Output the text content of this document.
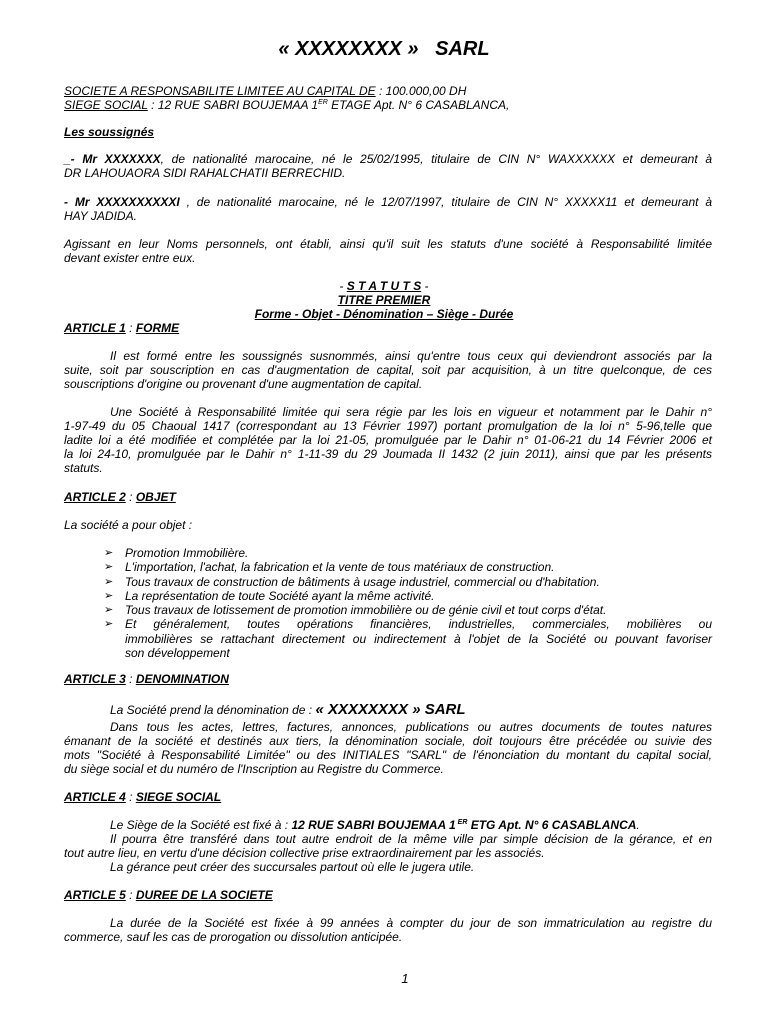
« XXXXXXXX »   SARL
SOCIETE A RESPONSABILITE LIMITEE AU CAPITAL DE : 100.000,00 DH
SIEGE SOCIAL : 12 RUE SABRI BOUJEMAA 1ER ETAGE Apt. N° 6 CASABLANCA,
Les soussignés
_- Mr XXXXXXX, de nationalité marocaine, né le 25/02/1995, titulaire de CIN N° WAXXXXXX et demeurant à
DR LAHOUAORA SIDI RAHALCHATII BERRECHID.
- Mr XXXXXXXXXXI , de nationalité marocaine, né le 12/07/1997, titulaire de CIN N° XXXXX11 et demeurant à
HAY JADIDA.
Agissant en leur Noms personnels, ont établi, ainsi qu'il suit les statuts d'une société à Responsabilité limitée
devant exister entre eux.
- S T A T U T S -
TITRE PREMIER
Forme - Objet - Dénomination – Siège - Durée
ARTICLE 1 : FORME
Il est formé entre les soussignés susnommés, ainsi qu'entre tous ceux qui deviendront associés par la
suite, soit par souscription en cas d'augmentation de capital, soit par acquisition, à un titre quelconque, de ces
souscriptions d'origine ou provenant d'une augmentation de capital.
Une Société à Responsabilité limitée qui sera régie par les lois en vigueur et notamment par le Dahir n°
1-97-49 du 05 Chaoual 1417 (correspondant au 13 Février 1997) portant promulgation de la loi n° 5-96,telle que
ladite loi a été modifiée et complétée par la loi 21-05, promulguée par le Dahir n° 01-06-21 du 14 Février 2006 et
la loi 24-10, promulguée par le Dahir n° 1-11-39 du 29 Joumada II 1432 (2 juin 2011), ainsi que par les présents
statuts.
ARTICLE 2 : OBJET
La société a pour objet :
➢ Promotion Immobilière.
➢ L'importation, l'achat, la fabrication et la vente de tous matériaux de construction.
➢ Tous travaux de construction de bâtiments à usage industriel, commercial ou d'habitation.
➢ La représentation de toute Société ayant la même activité.
➢ Tous travaux de lotissement de promotion immobilière ou de génie civil et tout corps d'état.
➢ Et généralement, toutes opérations financières, industrielles, commerciales, mobilières ou
immobilières se rattachant directement ou indirectement à l'objet de la Société ou pouvant favoriser
son développement
ARTICLE 3 : DENOMINATION
La Société prend la dénomination de : « XXXXXXXX » SARL
Dans tous les actes, lettres, factures, annonces, publications ou autres documents de toutes natures
émanant de la société et destinés aux tiers, la dénomination sociale, doit toujours être précédée ou suivie des
mots "Société à Responsabilité Limitée" ou des INITIALES "SARL" de l'énonciation du montant du capital social,
du siège social et du numéro de l'Inscription au Registre du Commerce.
ARTICLE 4 : SIEGE SOCIAL
Le Siège de la Société est fixé à : 12 RUE SABRI BOUJEMAA 1 $^{ER}$ ETG Apt. N° 6 CASABLANCA.
Il pourra être transféré dans tout autre endroit de la même ville par simple décision de la gérance, et en
tout autre lieu, en vertu d'une décision collective prise extraordinairement par les associés.
La gérance peut créer des succursales partout où elle le jugera utile.
ARTICLE 5 : DUREE DE LA SOCIETE
La durée de la Société est fixée à 99 années à compter du jour de son immatriculation au registre du
commerce, sauf les cas de prorogation ou dissolution anticipée.
1
